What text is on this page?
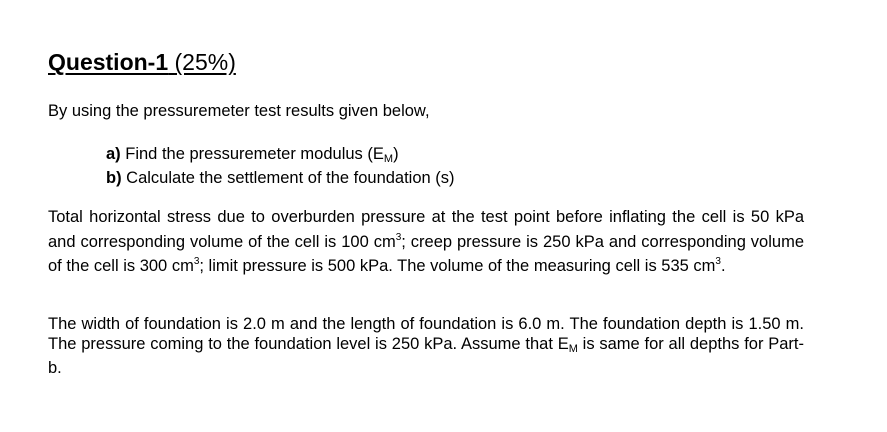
Question-1 (25%)
By using the pressuremeter test results given below,
a) Find the pressuremeter modulus $(E_M)$
b) Calculate the settlement of the foundation (s)
Total horizontal stress due to overburden pressure at the test point before inflating the cell is 50 kPa and corresponding volume of the cell is 100 $cm^3$; creep pressure is 250 kPa and corresponding volume of the cell is 300 $cm^3$; limit pressure is 500 kPa. The volume of the measuring cell is 535 $cm^3$.
The width of foundation is 2.0 m and the length of foundation is 6.0 m. The foundation depth is 1.50 m. The pressure coming to the foundation level is 250 kPa. Assume that $E_M$ is same for all depths for Part-b.
